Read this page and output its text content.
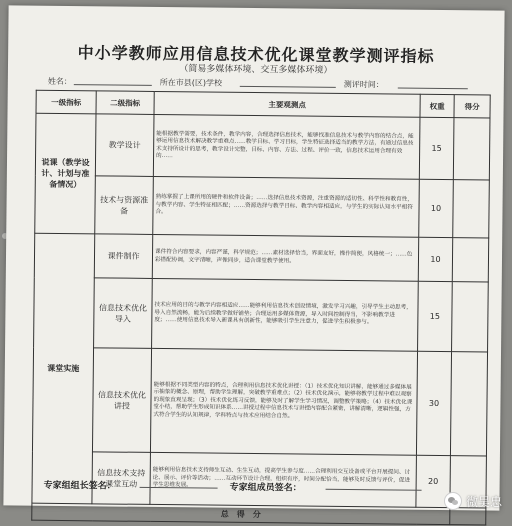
中小学教师应用信息技术优化课堂教学测评指标
（简易多媒体环境、交互多媒体环境）
姓名：	所在市县(区)学校	测评时间：
一级指标	二级指标	主要观测点	权重	得分
说课（教学设计、计划与准备情况）	教学设计	能根据教学需要，技术条件，教学内容，合理选择信息技术，能够找准信息技术与教学内容的结合点，能够运用信息技术解决教学重难点……教学目标、学习目标，学生特征选择适当的教学方法，有通过信息技术支持所设计的思考，教学设计完整，目标、内容、方法、过程、评价一致，信息技术运用合理有效的……	15	
	技术与资源准备	熟练掌握了上课所用的硬件和软件设备；……选择信息技术资源，注重资源的适切性、科学性和教育性，与教学内容、学生特征相匹配；……资源选择与教学目标、教学内容相适应，与学生的实际认知水平相符合。	10	
课堂实施	课件制作	课件符合内容要求，内容严谨，科学规范；……素材选择恰当，界面友好，操作简便，风格统一；……色彩搭配协调，文字清晰，声像同步，适合课堂教学使用。	10	
	信息技术优化导入	技术应用的目的与教学内容相适应……能够利用信息技术创设情境，激发学习兴趣，引导学生主动思考，导入自然流畅，能为后续教学做好铺垫；合理运用多媒体资源，导入时间控制得当，不影响教学进度；……使用信息技术导入新课具有创新性，能够吸引学生注意力，促进学生积极参与。	15	
	信息技术优化讲授	能够根据不同类型内容的特点，合理利用信息技术优化讲授：（1）技术优化知识讲解，能够通过多媒体展示抽象的概念、原理，帮助学生理解，突破教学重难点；（2）技术优化演示，能够将教学过程中难以观察的现象直观呈现；（3）技术优化练习反馈，能够及时了解学生学习情况，调整教学策略；（4）技术优化课堂小结，帮助学生形成知识体系……讲授过程中信息技术与讲授内容配合紧密，讲解清晰，逻辑性强，方式符合学生的认知规律，学科特点与技术应用结合自然。	30	
	信息技术支持课堂互动	能够利用信息技术支持师生互动、生生互动，提高学生参与度……合理利用交互设备或平台开展提问、讨论、展示、评价等活动；……互动环节设计合理，组织有序，时间分配恰当，能够及时反馈与评价，促进学生思维发展。	20	
总　得　分				
专家组组长签名：	专家组成员签名：
微吴忠
